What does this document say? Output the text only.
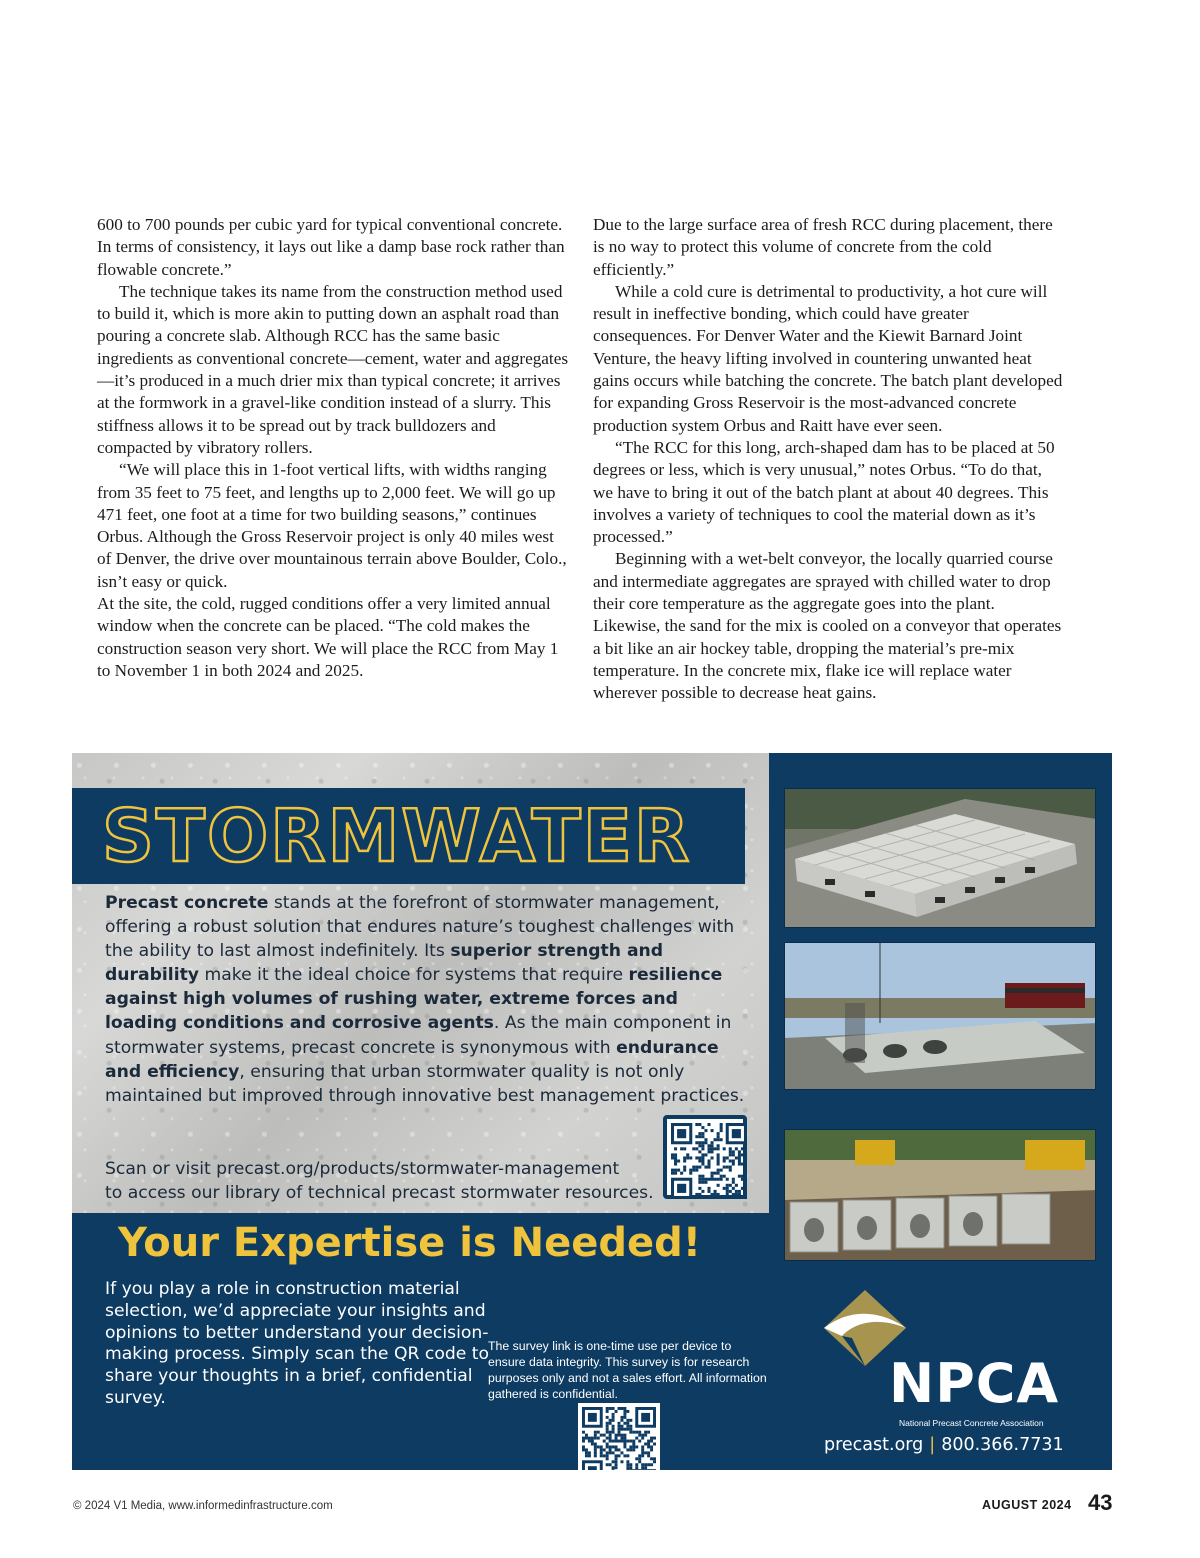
600 to 700 pounds per cubic yard for typical conventional concrete. In terms of consistency, it lays out like a damp base rock rather than flowable concrete.”

The technique takes its name from the construction method used to build it, which is more akin to putting down an asphalt road than pouring a concrete slab. Although RCC has the same basic ingredients as conventional concrete—cement, water and aggregates—it’s produced in a much drier mix than typical concrete; it arrives at the formwork in a gravel-like condition instead of a slurry. This stiffness allows it to be spread out by track bulldozers and compacted by vibratory rollers.

“We will place this in 1-foot vertical lifts, with widths ranging from 35 feet to 75 feet, and lengths up to 2,000 feet. We will go up 471 feet, one foot at a time for two building seasons,” continues Orbus. Although the Gross Reservoir project is only 40 miles west of Denver, the drive over mountainous terrain above Boulder, Colo., isn’t easy or quick.

At the site, the cold, rugged conditions offer a very limited annual window when the concrete can be placed. “The cold makes the construction season very short. We will place the RCC from May 1 to November 1 in both 2024 and 2025.

Due to the large surface area of fresh RCC during placement, there is no way to protect this volume of concrete from the cold efficiently.”

While a cold cure is detrimental to productivity, a hot cure will result in ineffective bonding, which could have greater consequences. For Denver Water and the Kiewit Barnard Joint Venture, the heavy lifting involved in countering unwanted heat gains occurs while batching the concrete. The batch plant developed for expanding Gross Reservoir is the most-advanced concrete production system Orbus and Raitt have ever seen.

“The RCC for this long, arch-shaped dam has to be placed at 50 degrees or less, which is very unusual,” notes Orbus. “To do that, we have to bring it out of the batch plant at about 40 degrees. This involves a variety of techniques to cool the material down as it’s processed.”

Beginning with a wet-belt conveyor, the locally quarried course and intermediate aggregates are sprayed with chilled water to drop their core temperature as the aggregate goes into the plant. Likewise, the sand for the mix is cooled on a conveyor that operates a bit like an air hockey table, dropping the material’s pre-mix temperature. In the concrete mix, flake ice will replace water wherever possible to decrease heat gains.

STORMWATER
Precast concrete stands at the forefront of stormwater management, offering a robust solution that endures nature’s toughest challenges with the ability to last almost indefinitely. Its superior strength and durability make it the ideal choice for systems that require resilience against high volumes of rushing water, extreme forces and loading conditions and corrosive agents. As the main component in stormwater systems, precast concrete is synonymous with endurance and efficiency, ensuring that urban stormwater quality is not only maintained but improved through innovative best management practices.
Scan or visit precast.org/products/stormwater-management
to access our library of technical precast stormwater resources.
Your Expertise is Needed!
If you play a role in construction material selection, we’d appreciate your insights and opinions to better understand your decision-making process. Simply scan the QR code to share your thoughts in a brief, confidential survey.
The survey link is one-time use per device to ensure data integrity. This survey is for research purposes only and not a sales effort. All information gathered is confidential.	NPCA
National Precast Concrete Association
precast.org | 800.366.7731
© 2024 V1 Media, www.informedinfrastructure.com	AUGUST 2024 43
